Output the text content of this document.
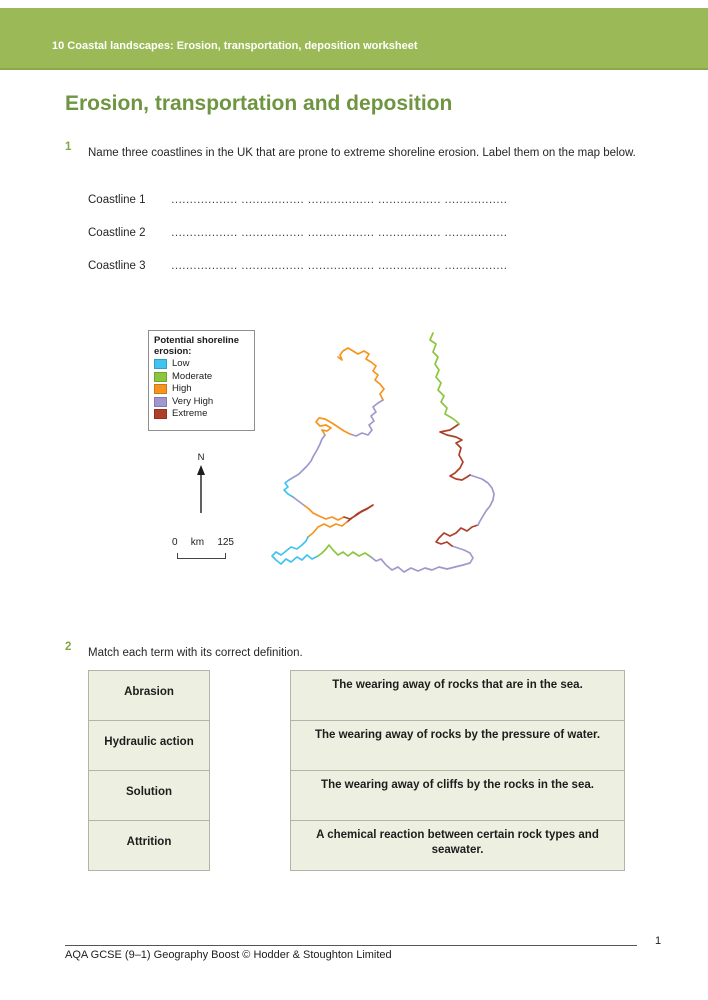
10 Coastal landscapes: Erosion, transportation, deposition worksheet
Erosion, transportation and deposition
1 Name three coastlines in the UK that are prone to extreme shoreline erosion. Label them on the map below.
Coastline 1 .................. ................. .................. ................. .................
Coastline 2 .................. ................. .................. ................. .................
Coastline 3 .................. ................. .................. ................. .................
Potential shoreline
erosion:
Low
Moderate
High
Very High
Extreme
N
0 km 125
2 Match each term with its correct definition.
Abrasion
Hydraulic action
Solution
Attrition
The wearing away of rocks that are in the sea.
The wearing away of rocks by the pressure of water.
The wearing away of cliffs by the rocks in the sea.
A chemical reaction between certain rock types and seawater.
AQA GCSE (9–1) Geography Boost © Hodder & Stoughton Limited
1
